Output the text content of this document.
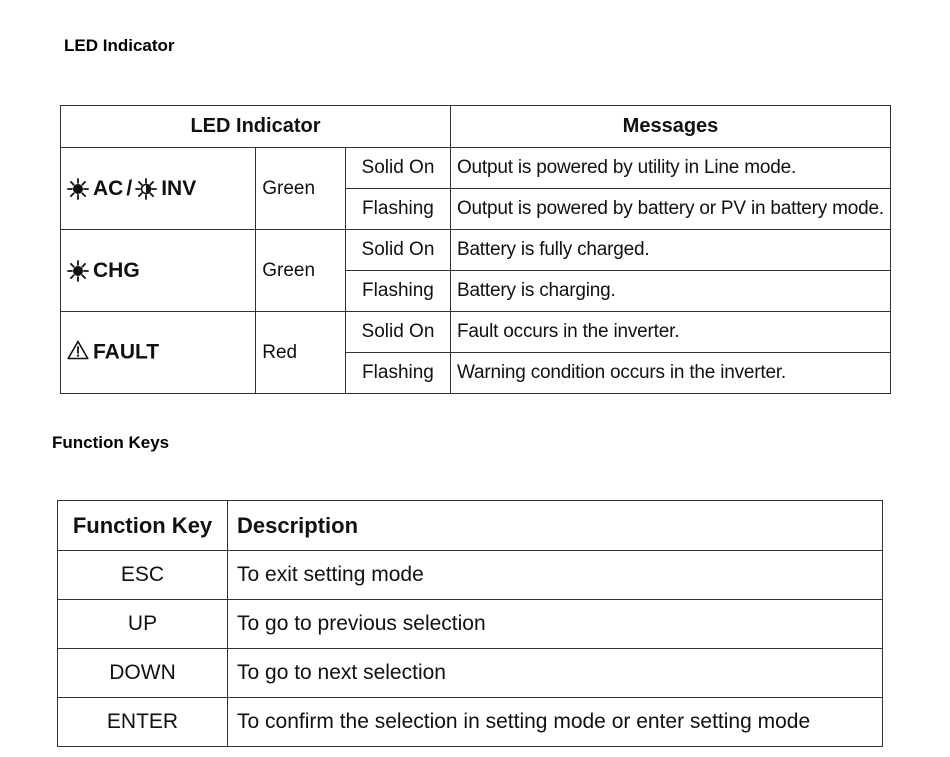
LED Indicator
LED Indicator			Messages

AC / INV	Green	Solid On	Output is powered by utility in Line mode.
		Flashing	Output is powered by battery or PV in battery mode.

CHG	Green	Solid On	Battery is fully charged.
		Flashing	Battery is charging.
FAULT	Red	Solid On	Fault occurs in the inverter.
		Flashing	Warning condition occurs in the inverter.
Function Keys
Function Key	Description
ESC	To exit setting mode
UP	To go to previous selection
DOWN	To go to next selection
ENTER	To confirm the selection in setting mode or enter setting mode
